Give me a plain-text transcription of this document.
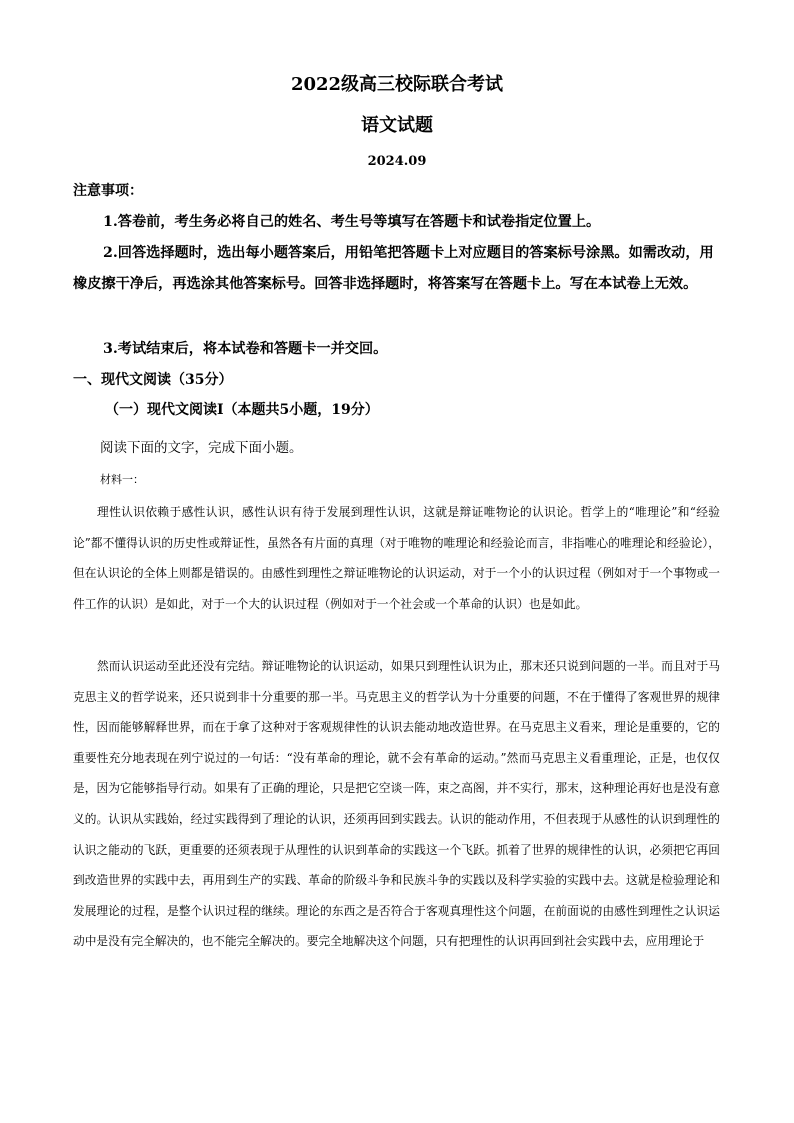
2022级高三校际联合考试
语文试题
2024.09
注意事项：
1.答卷前，考生务必将自己的姓名、考生号等填写在答题卡和试卷指定位置上。
2.回答选择题时，选出每小题答案后，用铅笔把答题卡上对应题目的答案标号涂黑。如需改动，用橡皮擦干净后，再选涂其他答案标号。回答非选择题时，将答案写在答题卡上。写在本试卷上无效。
3.考试结束后，将本试卷和答题卡一并交回。
一、现代文阅读（35分）
（一）现代文阅读Ⅰ（本题共5小题，19分）
阅读下面的文字，完成下面小题。
材料一：
理性认识依赖于感性认识，感性认识有待于发展到理性认识，这就是辩证唯物论的认识论。哲学上的“唯理论”和“经验论”都不懂得认识的历史性或辩证性，虽然各有片面的真理（对于唯物的唯理论和经验论而言，非指唯心的唯理论和经验论），但在认识论的全体上则都是错误的。由感性到理性之辩证唯物论的认识运动，对于一个小的认识过程（例如对于一个事物或一件工作的认识）是如此，对于一个大的认识过程（例如对于一个社会或一个革命的认识）也是如此。
然而认识运动至此还没有完结。辩证唯物论的认识运动，如果只到理性认识为止，那末还只说到问题的一半。而且对于马克思主义的哲学说来，还只说到非十分重要的那一半。马克思主义的哲学认为十分重要的问题，不在于懂得了客观世界的规律性，因而能够解释世界，而在于拿了这种对于客观规律性的认识去能动地改造世界。在马克思主义看来，理论是重要的，它的重要性充分地表现在列宁说过的一句话：“没有革命的理论，就不会有革命的运动。”然而马克思主义看重理论，正是，也仅仅是，因为它能够指导行动。如果有了正确的理论，只是把它空谈一阵，束之高阁，并不实行，那末，这种理论再好也是没有意义的。认识从实践始，经过实践得到了理论的认识，还须再回到实践去。认识的能动作用，不但表现于从感性的认识到理性的认识之能动的飞跃，更重要的还须表现于从理性的认识到革命的实践这一个飞跃。抓着了世界的规律性的认识，必须把它再回到改造世界的实践中去，再用到生产的实践、革命的阶级斗争和民族斗争的实践以及科学实验的实践中去。这就是检验理论和发展理论的过程，是整个认识过程的继续。理论的东西之是否符合于客观真理性这个问题，在前面说的由感性到理性之认识运动中是没有完全解决的，也不能完全解决的。要完全地解决这个问题，只有把理性的认识再回到社会实践中去，应用理论于
